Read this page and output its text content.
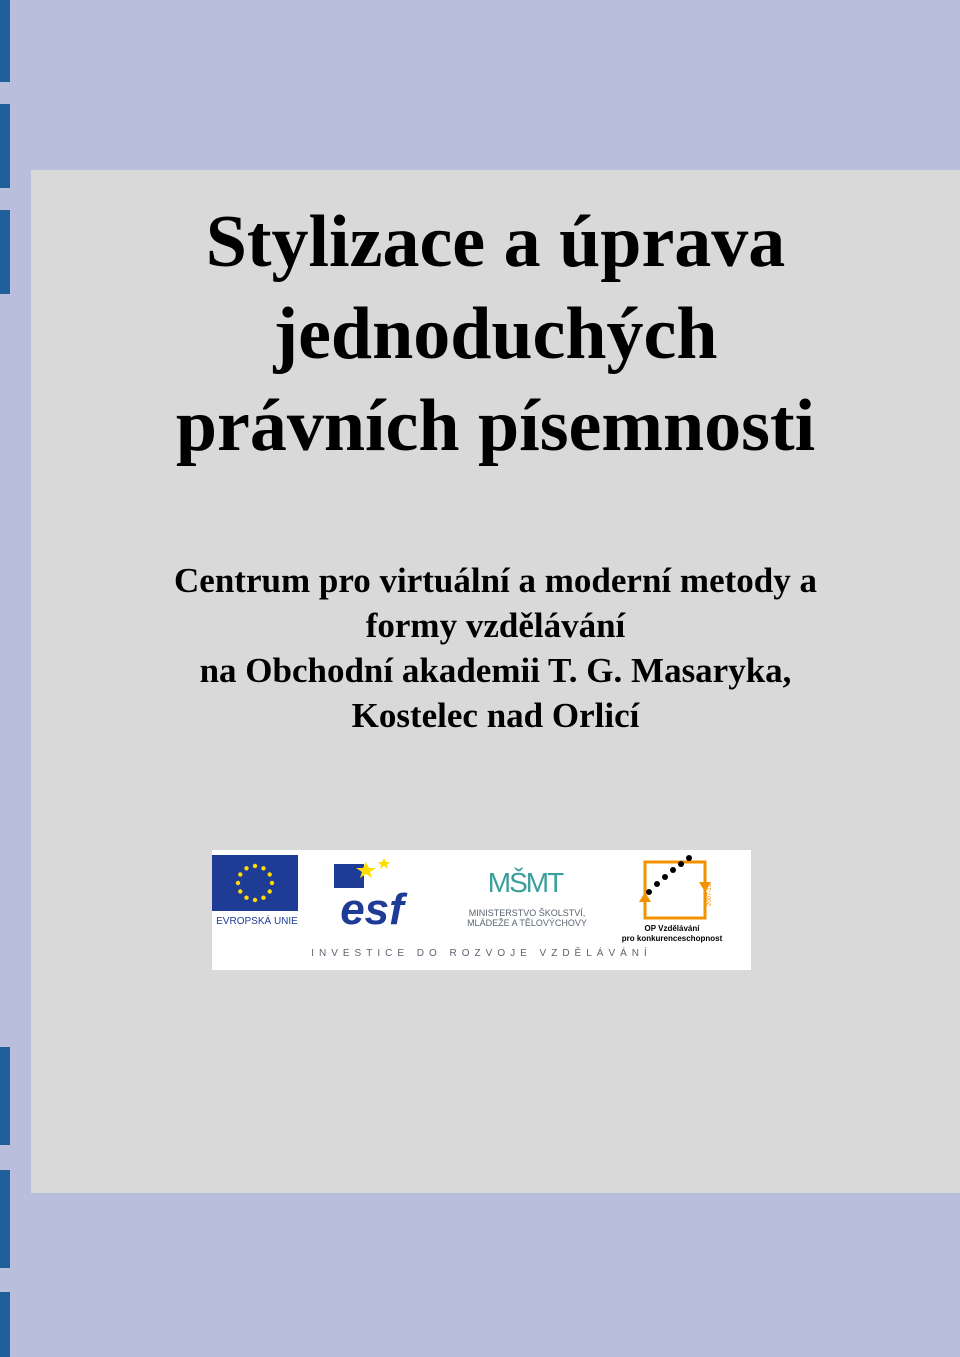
Stylizace a úprava
jednoduchých
právních písemnosti
Centrum pro virtuální a moderní metody a
formy vzdělávání
na Obchodní akademii T. G. Masaryka,
Kostelec nad Orlicí
EVROPSKÁ UNIE esf
MŠMT
MINISTERSTVO ŠKOLSTVÍ,
MLÁDEŽE A TĚLOVÝCHOVY
2007-13
OP Vzdělávání
pro konkurenceschopnost
INVESTICE DO ROZVOJE VZDĚLÁVÁNÍ
